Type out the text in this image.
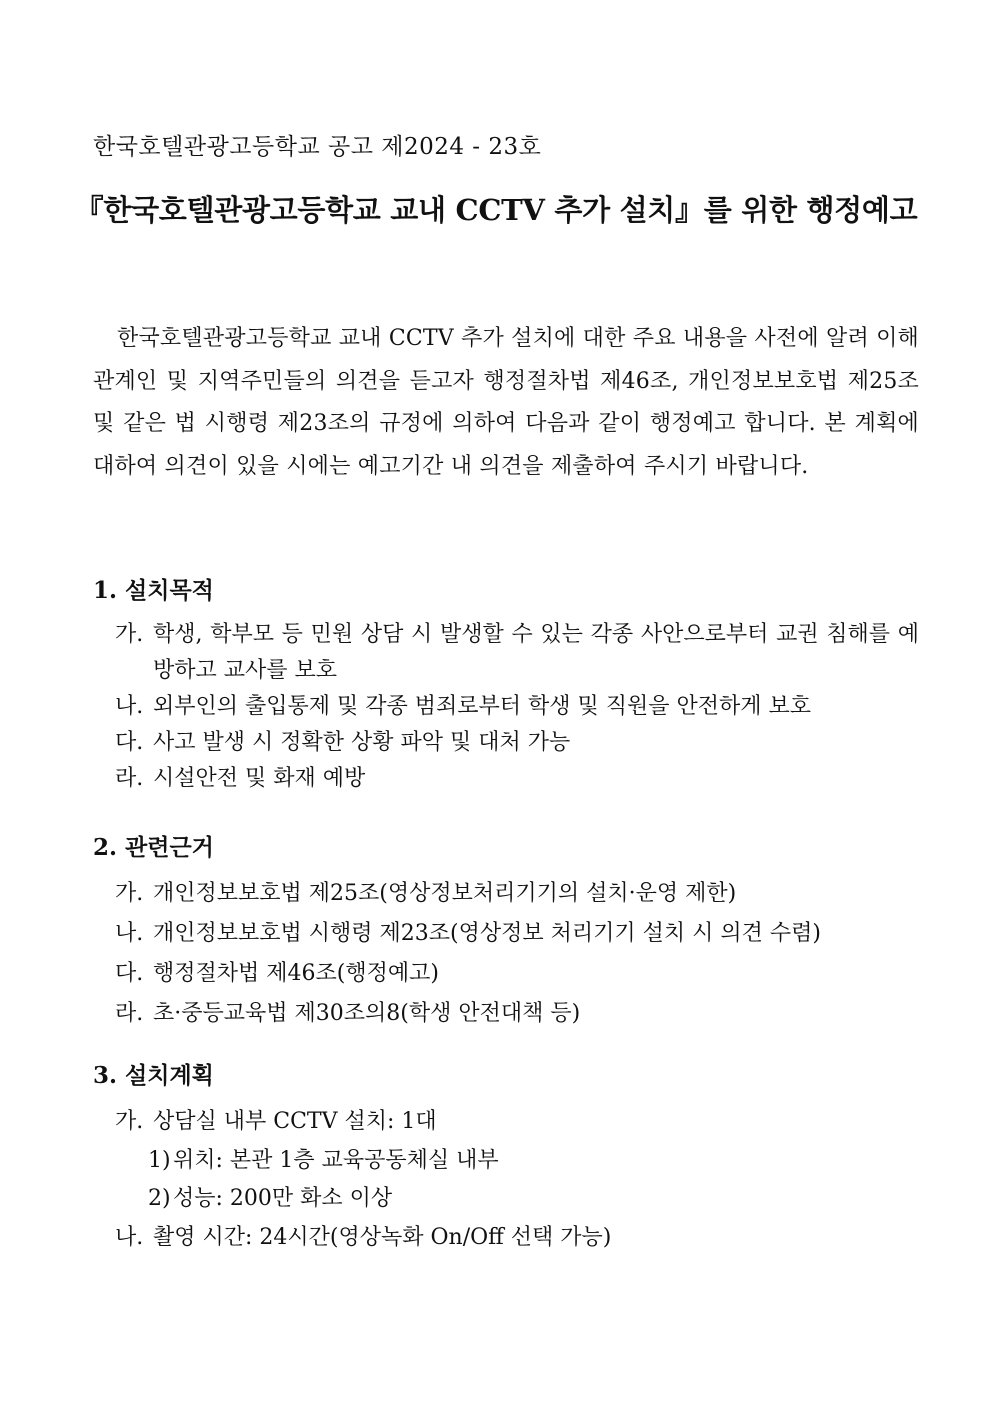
한국호텔관광고등학교 공고 제2024 - 23호
『한국호텔관광고등학교 교내 CCTV 추가 설치』를 위한 행정예고

한국호텔관광고등학교 교내 CCTV 추가 설치에 대한 주요 내용을 사전에 알려 이해관계인 및 지역주민들의 의견을 듣고자 행정절차법 제46조, 개인정보보호법 제25조 및 같은 법 시행령 제23조의 규정에 의하여 다음과 같이 행정예고 합니다. 본 계획에 대하여 의견이 있을 시에는 예고기간 내 의견을 제출하여 주시기 바랍니다.

1. 설치목적
가. 학생, 학부모 등 민원 상담 시 발생할 수 있는 각종 사안으로부터 교권 침해를 예방하고 교사를 보호
나. 외부인의 출입통제 및 각종 범죄로부터 학생 및 직원을 안전하게 보호
다. 사고 발생 시 정확한 상황 파악 및 대처 가능
라. 시설안전 및 화재 예방
2. 관련근거
가. 개인정보보호법 제25조(영상정보처리기기의 설치·운영 제한)
나. 개인정보보호법 시행령 제23조(영상정보 처리기기 설치 시 의견 수렴)
다. 행정절차법 제46조(행정예고)
라. 초·중등교육법 제30조의8(학생 안전대책 등)
3. 설치계획
가. 상담실 내부 CCTV 설치: 1대
1) 위치: 본관 1층 교육공동체실 내부
2) 성능: 200만 화소 이상
나. 촬영 시간: 24시간(영상녹화 On/Off 선택 가능)
